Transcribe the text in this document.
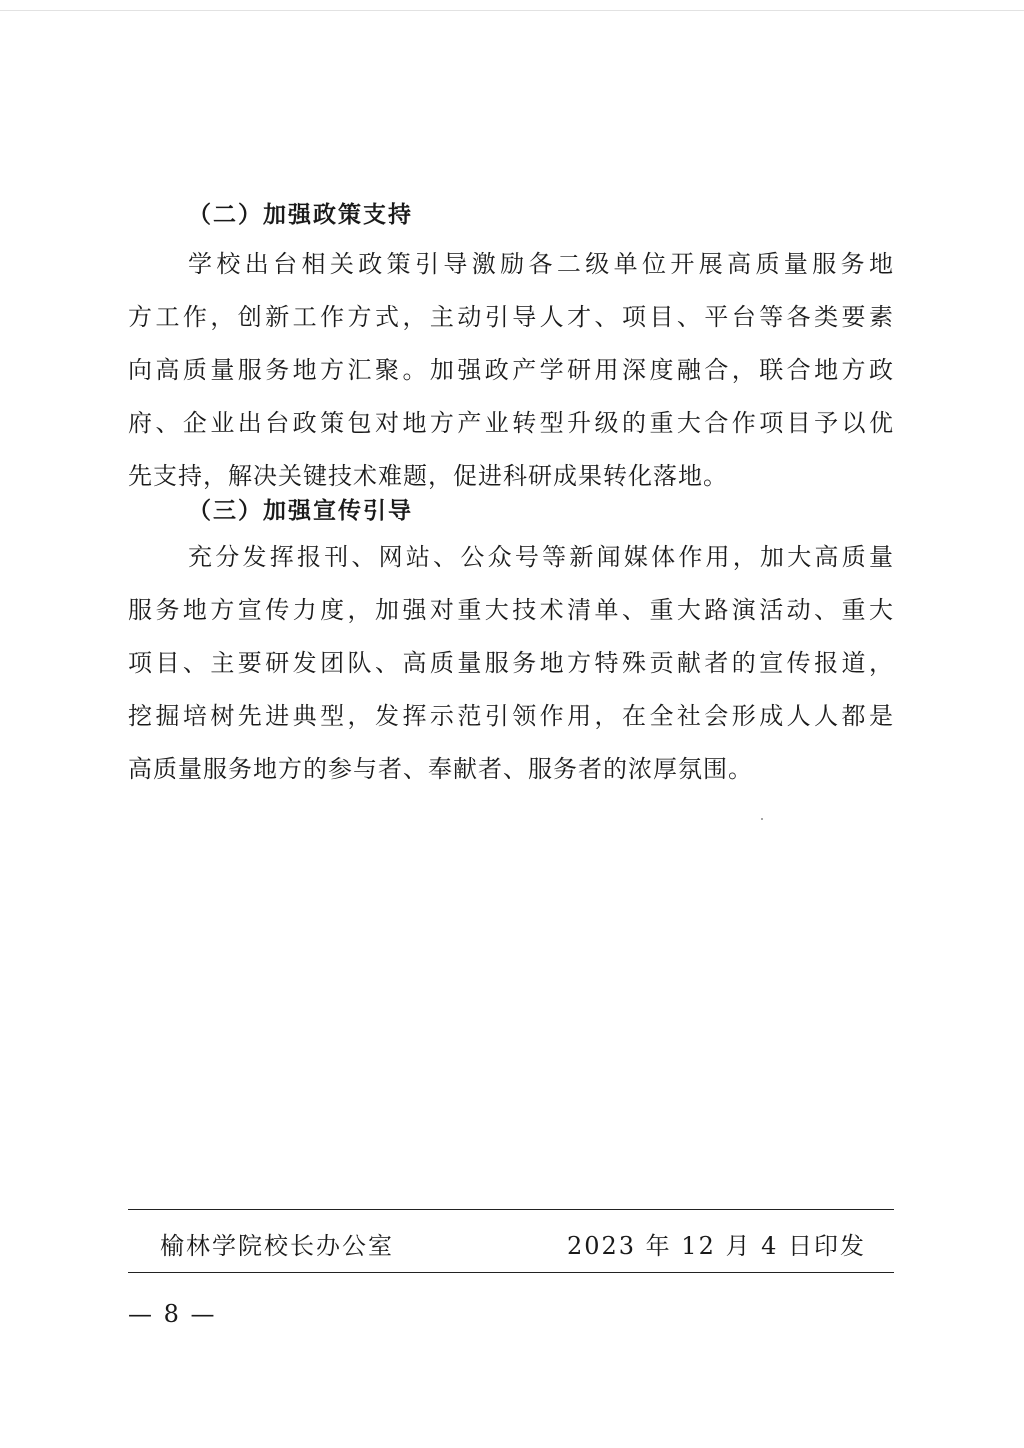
（二）加强政策支持
学校出台相关政策引导激励各二级单位开展高质量服务地
方工作，创新工作方式，主动引导人才、项目、平台等各类要素
向高质量服务地方汇聚。加强政产学研用深度融合，联合地方政
府、企业出台政策包对地方产业转型升级的重大合作项目予以优
先支持，解决关键技术难题，促进科研成果转化落地。
（三）加强宣传引导
充分发挥报刊、网站、公众号等新闻媒体作用，加大高质量
服务地方宣传力度，加强对重大技术清单、重大路演活动、重大
项目、主要研发团队、高质量服务地方特殊贡献者的宣传报道，
挖掘培树先进典型，发挥示范引领作用，在全社会形成人人都是
高质量服务地方的参与者、奉献者、服务者的浓厚氛围。
榆林学院校长办公室	2023 年 12 月 4 日印发
— 8 —
